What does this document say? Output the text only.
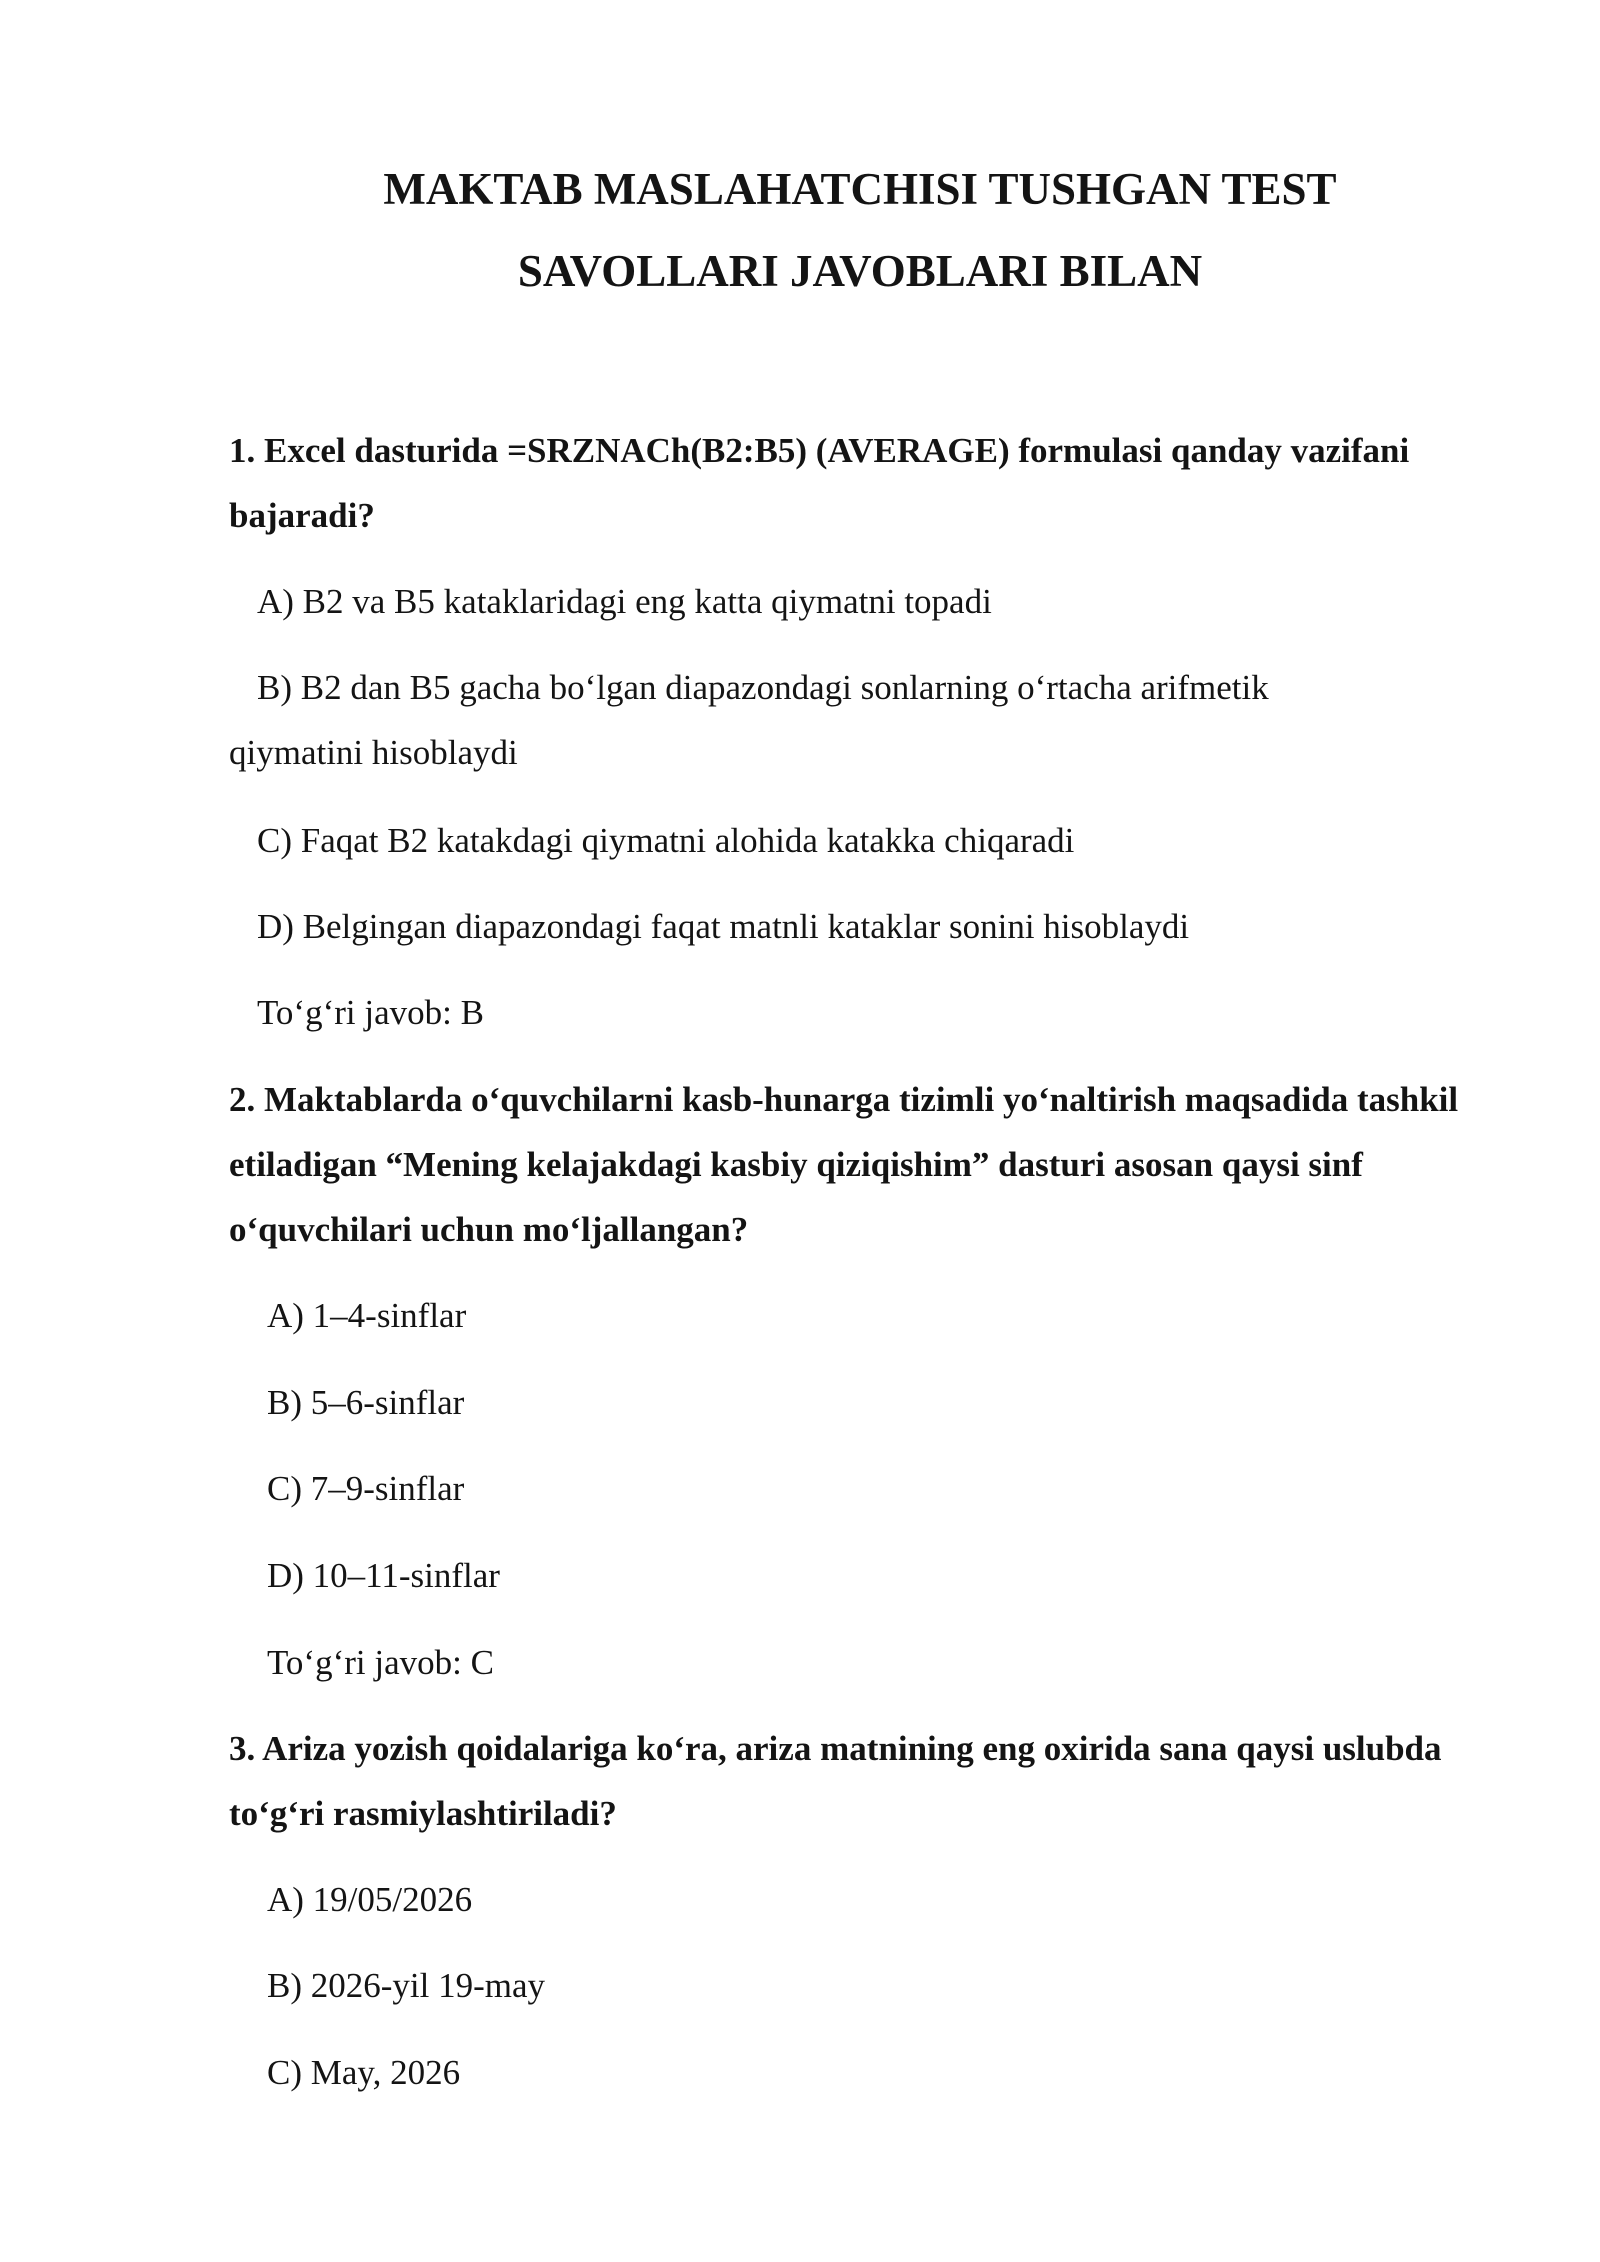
MAKTAB MASLAHATCHISI TUSHGAN TEST
SAVOLLARI JAVOBLARI BILAN
1. Excel dasturida =SRZNACh(B2:B5) (AVERAGE) formulasi qanday vazifani bajaradi?
A) B2 va B5 kataklaridagi eng katta qiymatni topadi
B) B2 dan B5 gacha bo‘lgan diapazondagi sonlarning o‘rtacha arifmetik qiymatini hisoblaydi
C) Faqat B2 katakdagi qiymatni alohida katakka chiqaradi
D) Belgingan diapazondagi faqat matnli kataklar sonini hisoblaydi
To‘g‘ri javob: B
2. Maktablarda o‘quvchilarni kasb-hunarga tizimli yo‘naltirish maqsadida tashkil etiladigan “Mening kelajakdagi kasbiy qiziqishim” dasturi asosan qaysi sinf o‘quvchilari uchun mo‘ljallangan?
A) 1–4-sinflar
B) 5–6-sinflar
C) 7–9-sinflar
D) 10–11-sinflar
To‘g‘ri javob: C
3. Ariza yozish qoidalariga ko‘ra, ariza matnining eng oxirida sana qaysi uslubda to‘g‘ri rasmiylashtiriladi?
A) 19/05/2026
B) 2026-yil 19-may
C) May, 2026
